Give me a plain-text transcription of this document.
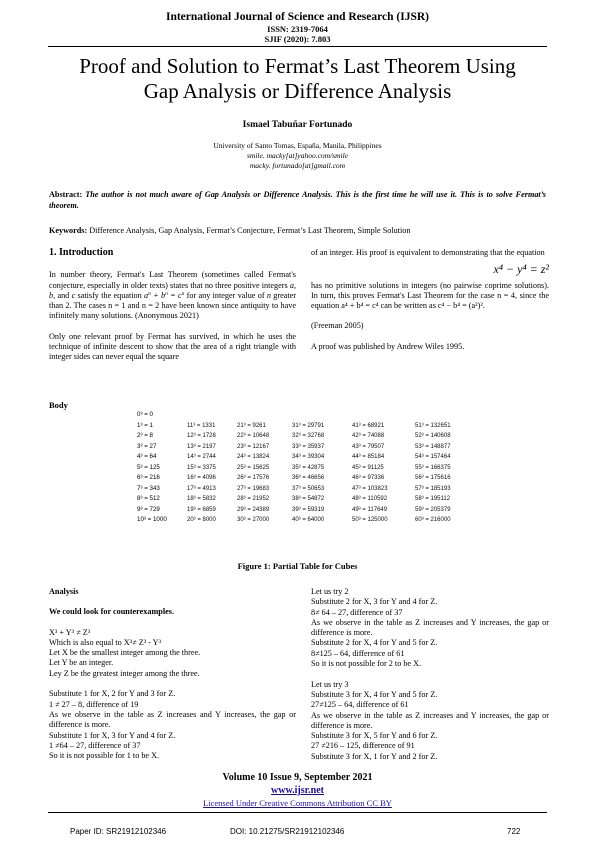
International Journal of Science and Research (IJSR)
ISSN: 2319-7064
SJIF (2020): 7.803
Proof and Solution to Fermat’s Last Theorem Using
Gap Analysis or Difference Analysis
Ismael Tabuñar Fortunado
University of Santo Tomas, España, Manila, Philippines
smile. macky[at]yahoo.com/smile
macky. fortunado[at]gmail.com
Abstract: The author is not much aware of Gap Analysis or Difference Analysis. This is the first time he will use it. This is to solve Fermat’s theorem.
Keywords: Difference Analysis, Gap Analysis, Fermat’s Conjecture, Fermat’s Last Theorem, Simple Solution

1. Introduction

In number theory, Fermat's Last Theorem (sometimes called Fermat's conjecture, especially in older texts) states that no three positive integers a, b, and c satisfy the equation $a^n + b^n = c^n$ for any integer value of n greater than 2. The cases n = 1 and n = 2 have been known since antiquity to have infinitely many solutions. (Anonymous 2021)

Only one relevant proof by Fermat has survived, in which he uses the technique of infinite descent to show that the area of a right triangle with integer sides can never equal the square

of an integer. His proof is equivalent to demonstrating that the equation

x⁴ − y⁴ = z²

has no primitive solutions in integers (no pairwise coprime solutions). In turn, this proves Fermat's Last Theorem for the case n = 4, since the equation a⁴ + b⁴ = c⁴ can be written as c⁴ − b⁴ = (a²)².

(Freeman 2005)

A proof was published by Andrew Wiles 1995.

Body
0³ = 0
1³ = 1
2³ = 8
3³ = 27
4³ = 64
5³ = 125
6³ = 216
7³ = 343
8³ = 512
9³ = 729
10³ = 1000
11³ = 1331
12³ = 1728
13³ = 2197
14³ = 2744
15³ = 3375
16³ = 4096
17³ = 4913
18³ = 5832
19³ = 6859
20³ = 8000
21³ = 9261
22³ = 10648
23³ = 12167
24³ = 13824
25³ = 15625
26³ = 17576
27³ = 19683
28³ = 21952
29³ = 24389
30³ = 27000
31³ = 29791
32³ = 32768
33³ = 35937
34³ = 39304
35³ = 42875
36³ = 46656
37³ = 50653
38³ = 54872
39³ = 59319
40³ = 64000
41³ = 68921
42³ = 74088
43³ = 79507
44³ = 85184
45³ = 91125
46³ = 97336
47³ = 103823
48³ = 110592
49³ = 117649
50³ = 125000
51³ = 132651
52³ = 140608
53³ = 148877
54³ = 157464
55³ = 166375
56³ = 175616
57³ = 185193
58³ = 195112
59³ = 205379
60³ = 216000
Figure 1: Partial Table for Cubes

Analysis

We could look for counterexamples.

X³ + Y³ ≠ Z³

Which is also equal to X³≠ Z³ - Y³

Let X be the smallest integer among the three.

Let Y be an integer.

Ley Z be the greatest integer among the three.

Substitute 1 for X, 2 for Y and 3 for Z.

1 ≠ 27 – 8, difference of 19

As we observe in the table as Z increases and Y increases, the gap or difference is more.

Substitute 1 for X, 3 for Y and 4 for Z.

1 ≠64 – 27, difference of 37

So it is not possible for 1 to be X.

Let us try 2

Substitute 2 for X, 3 for Y and 4 for Z.

8≠ 64 – 27, difference of 37

As we observe in the table as Z increases and Y increases, the gap or difference is more.

Substitute 2 for X, 4 for Y and 5 for Z.

8≠125 – 64, difference of 61

So it is not possible for 2 to be X.

Let us try 3

Substitute 3 for X, 4 for Y and 5 for Z.

27≠125 – 64, difference of 61

As we observe in the table as Z increases and Y increases, the gap or difference is more.

Substitute 3 for X, 5 for Y and 6 for Z.

27 ≠216 – 125, difference of 91

Substitute 3 for X, 1 for Y and 2 for Z.

Volume 10 Issue 9, September 2021
www.ijsr.net
Licensed Under Creative Commons Attribution CC BY
Paper ID: SR21912102346	DOI: 10.21275/SR21912102346	722
